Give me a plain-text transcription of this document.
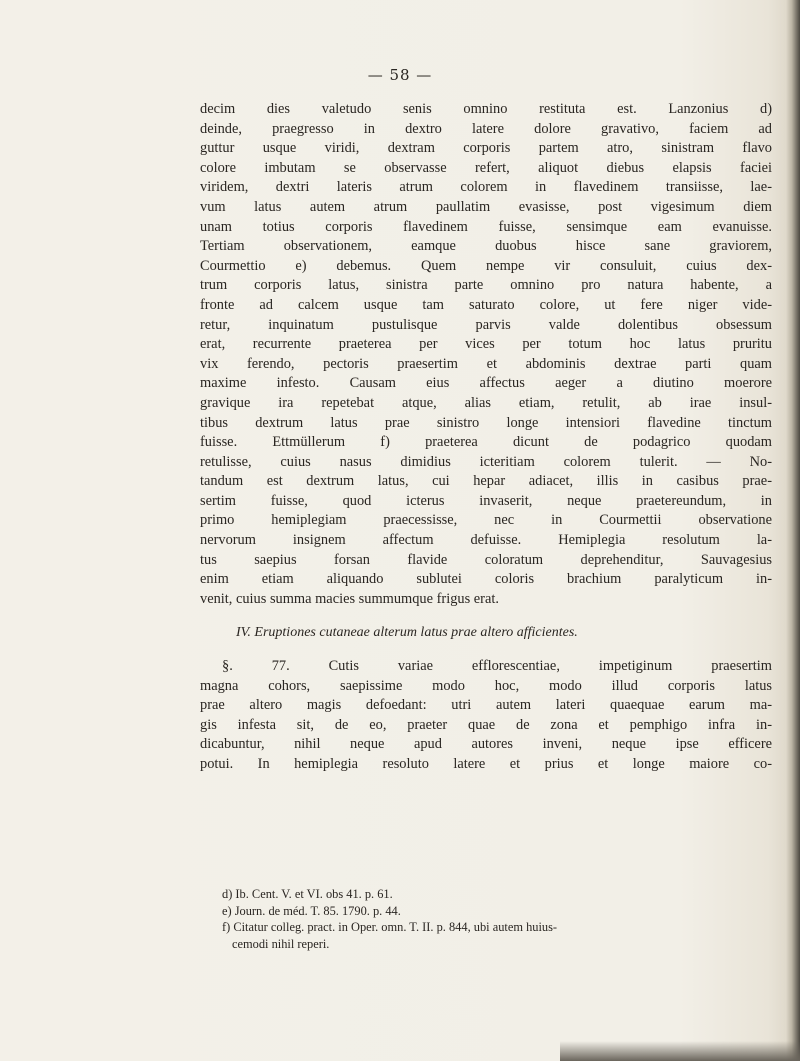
— 58 —
decim dies valetudo senis omnino restituta est. Lanzonius d)
deinde, praegresso in dextro latere dolore gravativo, faciem ad
guttur usque viridi, dextram corporis partem atro, sinistram flavo
colore imbutam se observasse refert, aliquot diebus elapsis faciei
viridem, dextri lateris atrum colorem in flavedinem transiisse, lae-
vum latus autem atrum paullatim evasisse, post vigesimum diem
unam totius corporis flavedinem fuisse, sensimque eam evanuisse.
Tertiam observationem, eamque duobus hisce sane graviorem,
Courmettio e) debemus. Quem nempe vir consuluit, cuius dex-
trum corporis latus, sinistra parte omnino pro natura habente, a
fronte ad calcem usque tam saturato colore, ut fere niger vide-
retur, inquinatum pustulisque parvis valde dolentibus obsessum
erat, recurrente praeterea per vices per totum hoc latus pruritu
vix ferendo, pectoris praesertim et abdominis dextrae parti quam
maxime infesto. Causam eius affectus aeger a diutino moerore
gravique ira repetebat atque, alias etiam, retulit, ab irae insul-
tibus dextrum latus prae sinistro longe intensiori flavedine tinctum
fuisse. Ettmüllerum f) praeterea dicunt de podagrico quodam
retulisse, cuius nasus dimidius icteritiam colorem tulerit. — No-
tandum est dextrum latus, cui hepar adiacet, illis in casibus prae-
sertim fuisse, quod icterus invaserit, neque praetereundum, in
primo hemiplegiam praecessisse, nec in Courmettii observatione
nervorum insignem affectum defuisse. Hemiplegia resolutum la-
tus saepius forsan flavide coloratum deprehenditur, Sauvagesius
enim etiam aliquando sublutei coloris brachium paralyticum in-
venit, cuius summa macies summumque frigus erat.
IV. Eruptiones cutaneae alterum latus prae altero afficientes.
§. 77. Cutis variae efflorescentiae, impetiginum praesertim
magna cohors, saepissime modo hoc, modo illud corporis latus
prae altero magis defoedant: utri autem lateri quaequae earum ma-
gis infesta sit, de eo, praeter quae de zona et pemphigo infra in-
dicabuntur, nihil neque apud autores inveni, neque ipse efficere
potui. In hemiplegia resoluto latere et prius et longe maiore co-
d) Ib. Cent. V. et VI. obs 41. p. 61.
e) Journ. de méd. T. 85. 1790. p. 44.
f) Citatur colleg. pract. in Oper. omn. T. II. p. 844, ubi autem huius-
cemodi nihil reperi.
